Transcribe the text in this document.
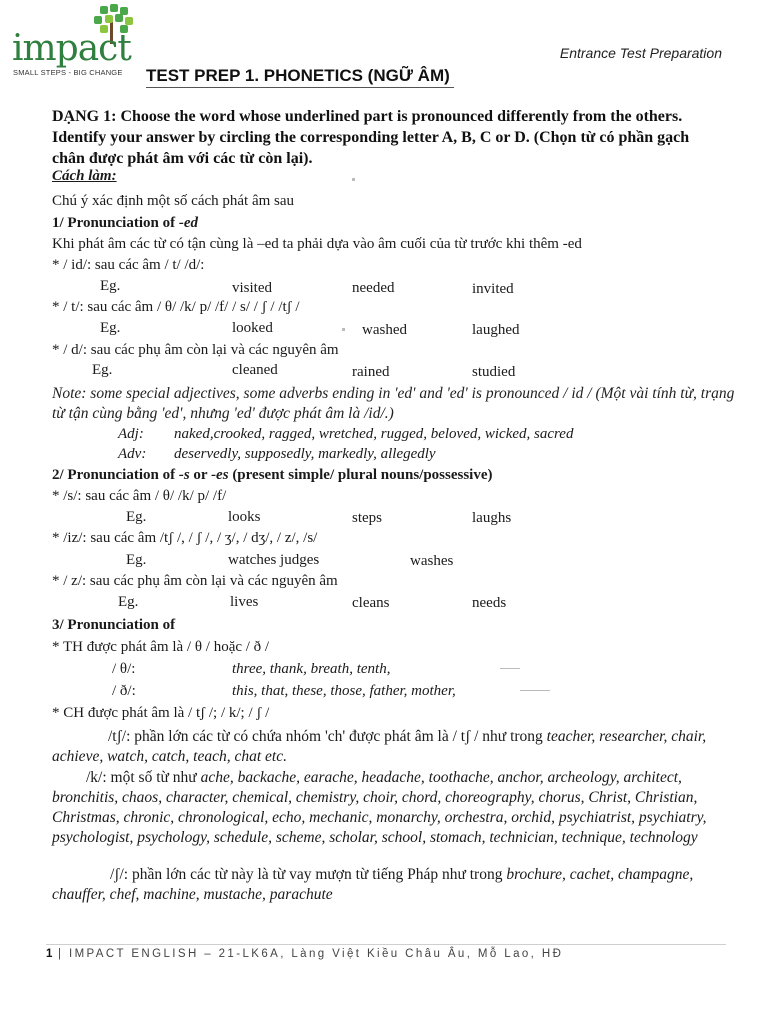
impact
SMALL STEPS - BIG CHANGE
Entrance Test Preparation
TEST PREP 1. PHONETICS (NGỮ ÂM)
DẠNG 1: Choose the word whose underlined part is pronounced differently from the others. Identify your answer by circling the corresponding letter A, B, C or D. (Chọn từ có phần gạch chân được phát âm với các từ còn lại).
Cách làm:
Chú ý xác định một số cách phát âm sau
1/ Pronunciation of -ed
Khi phát âm các từ có tận cùng là –ed ta phải dựa vào âm cuối của từ trước khi thêm -ed
* / id/: sau các âm / t/ /d/:
Eg.	visited	needed	invited
* / t/: sau các âm / θ/ /k/ p/ /f/ / s/ / ʃ / /tʃ /
Eg.	looked	washed	laughed
* / d/: sau các phụ âm còn lại và các nguyên âm
Eg.	cleaned	rained	studied
Note: some special adjectives, some adverbs ending in 'ed' and 'ed' is pronounced / id / (Một vài tính từ, trạng từ tận cùng bằng 'ed', nhưng 'ed' được phát âm là /id/.)
Adj: naked,crooked, ragged, wretched, rugged, beloved, wicked, sacred
Adv: deservedly, supposedly, markedly, allegedly
2/ Pronunciation of -s or -es (present simple/ plural nouns/possessive)
* /s/: sau các âm / θ/ /k/ p/ /f/
Eg.	looks	steps	laughs
* /iz/: sau các âm /tʃ /, / ʃ /, / ʒ/, / dʒ/, / z/, /s/
Eg.	watches judges	washes
* / z/: sau các phụ âm còn lại và các nguyên âm
Eg.	lives	cleans	needs
3/ Pronunciation of
* TH được phát âm là / θ / hoặc / ð /
/ θ/:	three, thank, breath, tenth,
/ ð/:	this, that, these, those, father, mother,
* CH được phát âm là / tʃ /; / k/; / ʃ /
/tʃ/: phần lớn các từ có chứa nhóm 'ch' được phát âm là / tʃ / như trong teacher, researcher, chair, achieve, watch, catch, teach, chat etc.
/k/: một số từ như ache, backache, earache, headache, toothache, anchor, archeology, architect, bronchitis, chaos, character, chemical, chemistry, choir, chord, choreography, chorus, Christ, Christian, Christmas, chronic, chronological, echo, mechanic, monarchy, orchestra, orchid, psychiatrist, psychiatry, psychologist, psychology, schedule, scheme, scholar, school, stomach, technician, technique, technology
/ʃ/: phần lớn các từ này là từ vay mượn từ tiếng Pháp như trong brochure, cachet, champagne, chauffer, chef, machine, mustache, parachute
1 | IMPACT ENGLISH – 21-LK6A, Làng Việt Kiều Châu Âu, Mỗ Lao, HĐ
